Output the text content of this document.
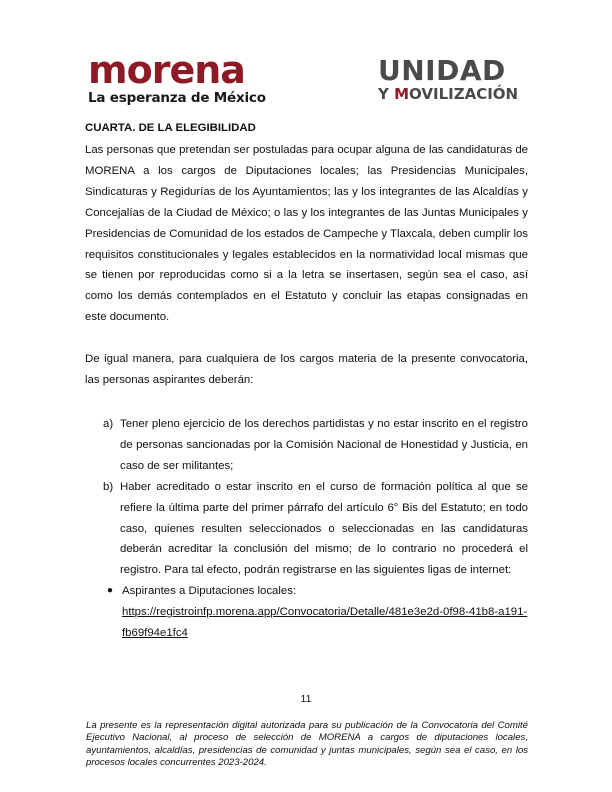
morena
La esperanza de México
UNIDAD
Y MOVILIZACIÓN
CUARTA. DE LA ELEGIBILIDAD

Las personas que pretendan ser postuladas para ocupar alguna de las candidaturas de MORENA a los cargos de Diputaciones locales; las Presidencias Municipales, Sindicaturas y Regidurías de los Ayuntamientos; las y los integrantes de las Alcaldías y Concejalías de la Ciudad de México; o las y los integrantes de las Juntas Municipales y Presidencias de Comunidad de los estados de Campeche y Tlaxcala, deben cumplir los requisitos constitucionales y legales establecidos en la normatividad local mismas que se tienen por reproducidas como si a la letra se insertasen, según sea el caso, así como los demás contemplados en el Estatuto y concluir las etapas consignadas en este documento.

De igual manera, para cualquiera de los cargos materia de la presente convocatoria, las personas aspirantes deberán:

a) Tener pleno ejercicio de los derechos partidistas y no estar inscrito en el registro de personas sancionadas por la Comisión Nacional de Honestidad y Justicia, en caso de ser militantes;
b) Haber acreditado o estar inscrito en el curso de formación política al que se refiere la última parte del primer párrafo del artículo 6° Bis del Estatuto; en todo caso, quienes resulten seleccionados o seleccionadas en las candidaturas deberán acreditar la conclusión del mismo; de lo contrario no procederá el registro. Para tal efecto, podrán registrarse en las siguientes ligas de internet:
● Aspirantes a Diputaciones locales:
https://registroinfp.morena.app/Convocatoria/Detalle/481e3e2d-0f98-41b8-a191-fb69f94e1fc4
11
La presente es la representación digital autorizada para su publicación de la Convocatoria del Comité Ejecutivo Nacional, al proceso de selección de MORENA a cargos de diputaciones locales, ayuntamientos, alcaldías, presidencias de comunidad y juntas municipales, según sea el caso, en los procesos locales concurrentes 2023-2024.
